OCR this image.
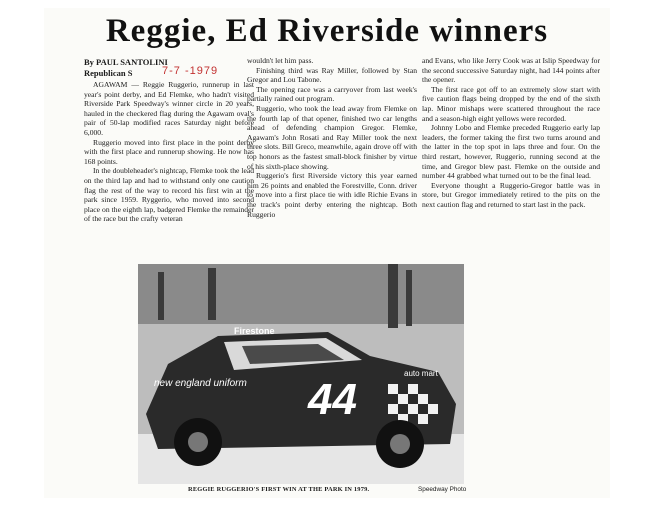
Reggie, Ed Riverside winners
By PAUL SANTOLINI
Republican S	7-7 -1979

AGAWAM — Reggie Ruggerio, runnerup in last year's point derby, and Ed Flemke, who hadn't visited Riverside Park Speedway's winner circle in 20 years, hauled in the checkered flag during the Agawam oval's pair of 50-lap modified races Saturday night before 6,000.

Ruggerio moved into first place in the point derby with the first place and runnerup showing. He now has 168 points.

In the doubleheader's nightcap, Flemke took the lead on the third lap and had to withstand only one caution flag the rest of the way to record his first win at the park since 1959. Ryggerio, who moved into second place on the eighth lap, badgered Flemke the remainder of the race but the crafty veteran

wouldn't let him pass.

Finishing third was Ray Miller, followed by Stan Gregor and Lou Tabone.

The opening race was a carryover from last week's partially rained out program.

Ruggerio, who took the lead away from Flemke on the fourth lap of that opener, finished two car lengths ahead of defending champion Gregor. Flemke, Agawam's John Rosati and Ray Miller took the next three slots. Bill Greco, meanwhile, again drove off with top honors as the fastest small-block finisher by virtue of his sixth-place showing.

Ruggerio's first Riverside victory this year earned him 26 points and enabled the Forestville, Conn. driver to move into a first place tie with idle Richie Evans in the track's point derby entering the nightcap. Both Ruggerio

and Evans, who like Jerry Cook was at Islip Speedway for the second successive Saturday night, had 144 points after the opener.

The first race got off to an extremely slow start with five caution flags being dropped by the end of the sixth lap. Minor mishaps were scattered throughout the race and a season-high eight yellows were recorded.

Johnny Lobo and Flemke preceded Ruggerio early lap leaders, the former taking the first two turns around and the latter in the top spot in laps three and four. On the third restart, however, Ruggerio, running second at the time, and Gregor blew past. Flemke on the outside and number 44 grabbed what turned out to be the final lead.

Everyone thought a Ruggerio-Gregor battle was in store, but Gregor immediately retired to the pits on the next caution flag and returned to start last in the pack.

Firestone
new england uniform 44
auto mart
REGGIE RUGGERIO'S FIRST WIN AT THE PARK IN 1979.	Speedway Photo
